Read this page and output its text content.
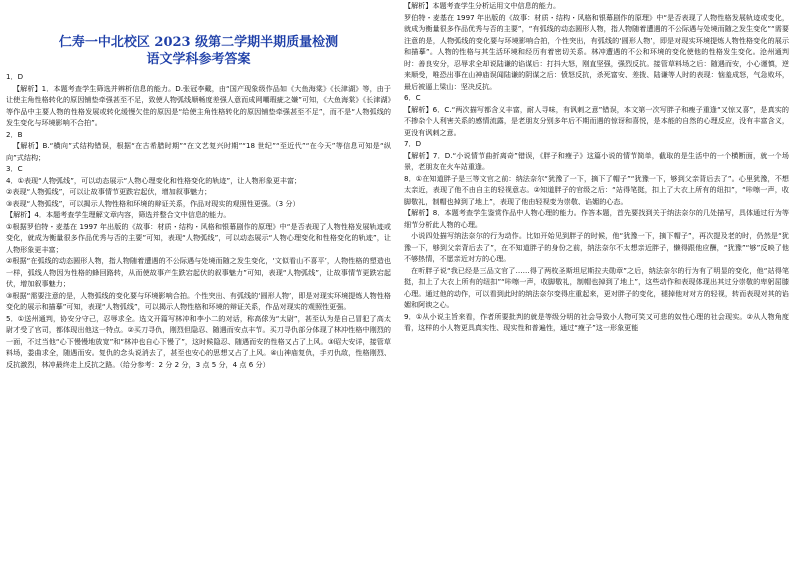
仁寿一中北校区 2023 级第二学期半期质量检测
语文学科参考答案

1．D

【解析】1．本题考查学生筛选并辨析信息的能力。D.张冠李戴，由“国产现象级作品如《大鱼海棠》《长津湖》等，由于让使主角性格转化的原因铺垫牵强甚至不足，致使人物弧线顺畅度差强人意而成网嘲瑕疵之嫌”可知，《大鱼海棠》《长津湖》等作品中主要人物的性格发展或转化缓慢欠佳的原因是“给使主角性格转化的原因铺垫牵强甚至不足”，而不是“人物弧线的发生变化与环境影响不合拍”。

2．B

【解析】B.“横向”式结构错误，根据“在古希腊时期”“在文艺复兴时期”“18 世纪”“至近代”“在今天”等信息可知是“纵向”式结构；

3．C

4．①表现“人物弧线”，可以动态展示“人物心理变化和性格变化的轨迹”，让人物形象更丰富；

②表现“人物弧线”，可以让故事情节更跌宕起伏，增加叙事魅力；

③表现“人物弧线”，可以揭示人物性格和环境的辩证关系，作品对现实的观照性更强。（3 分）

【解析】4．本题考查学生理解文章内容，筛选并整合文中信息的能力。

①根据罗伯特・麦基在 1997 年出版的《故事：材质・结构・风格和银幕剧作的原理》中“是否表现了人物性格发展轨迹或变化，就成为衡量很多作品优秀与否的主要”可知，表现“人物弧线”，可以动态展示“人物心理变化和性格变化的轨迹”，让人物形象更丰富；

②根据“在弧线的动态圆形人物，指人物随着遭遇的不公际遇与处境而随之发生变化，‘文似看山不喜平’，人物性格的塑造也一样，弧线人物因为性格的蜂回路转，从而使故事产生跌宕起伏的叙事魅力”可知，表现“人物弧线”，让故事情节更跌宕起伏，增加叙事魅力；

③根据“需要注意的是，人物弧线的变化要与环境影响合拍。个性突出、有弧线的‘圆形人物’，即是对现实环境提炼人物性格变化的展示和描摹”可知，表现“人物弧线”，可以揭示人物性格和环境的辩证关系，作品对现实的观照性更强。

5．①送州通判，协安分守己，忍辱求全。选文开篇写林冲和李小二的对话，称高俅为“太尉”，甚至认为是自己冒犯了高太尉才受了官司，都体现出他这一特点。②买刀寻仇，刚烈但隐忍、随遇而安点丰节。买刀寻仇部分体现了林冲性格中刚烈的一面，不过当他“心下慢慢地放宽”和“林冲也自心下慢了”，这时候隐忍、随遇而安的性格又占了上风。③昭大安详，接管草料场，娄曲求全，随遇而安。复仇的念头说消去了，甚至也安心的思想又占了上风。④山神庙复仇，手刃仇敌，性格刚烈、反抗激烈，林冲最终走上反抗之路。（给分参考：2 分 2 分，3 点 5 分，4 点 6 分）

【解析】本题考查学生分析运用文中信息的能力。

罗伯特・麦基在 1997 年出版的《故事：材质・结构・风格和银幕剧作的原理》中“是否表现了人物性格发展轨迹或变化，就成为衡量很多作品优秀与否的主要”，“有弧线的动态圆形人物，指人物随着遭遇的不公际遇与处境而随之发生变化”“需要注意的是，人物弧线的变化要与环境影响合拍，个性突出，有弧线的‘圆形人物’，即是对现实环境提炼人物性格变化的展示和描摹”。人物的性格与其生活环境和经历有着密切关系。林冲遭遇的不公和环境的变化使他的性格发生变化。沧州通判时：善良安分，忍辱求全却说陆谦的谄谋后：打抖大怒，刚直坚强，强烈反抗。接管草料场之后：随遇而安，小心谨慎，逆来顺受，唯恐出事在山神庙误闻陆谦的阴谋之后：愤怒反抗，杀死富安、差拨、陆谦等人时的表现：恼羞成怒，气急败坏，最后被逼上梁山：坚决反抗。

6．C

【解析】6．C.“两次描写都含义丰富，耐人寻味，有讽刺之意”错误，本文第一次写胖子和瘦子重逢“又惊又喜”，是真实的不掺杂个人利害关系的感情流露，是老朋友分别多年后不期而遇的惊讶和喜悦，是本能的自然的心理反应，没有丰富含义，更没有讽刺之意。

7．D

【解析】7．D.“小说情节曲折离奇”错误，《胖子和瘦子》这篇小说的情节简单，截取的是生活中的一个横断面，就一个场景，老朋友在火车站重逢。

8．①在知道胖子是三等文官之前：纳法奈尔“犹豫了一下，摘下了帽子”“犹豫一下，够到父亲背后去了”。心里犹豫，不想太亲近，表现了他不由自主的轻视意志。②知道胖子的官级之后：“站得笔挺，扣上了大衣上所有的纽扣”，“咔嚓一声，收脚敬礼，制帽也掉到了地上”，表现了他由轻视变为崇敬、谄媚的心态。

【解析】8．本题考查学生鉴赏作品中人物心理的能力。作答本题，首先要找到关于纳法奈尔的几处描写，具体通过行为等细节分析此人物的心理。

小说四处描写纳法奈尔的行为动作。比如开始见到胖子的时候，他“犹豫一下，摘下帽子”，再次提及老的时，仍然是“犹豫一下，够到父亲背后去了”，在不知道胖子的身份之前，纳法奈尔不太想亲近胖子，懒得跟他应酬，“犹豫”“够”反映了他不够热情，不愿亲近对方的心理。

在听胖子说“我已经是三品文官了……得了两枚圣斯坦尼斯拉夫勋章”之后，纳法奈尔的行为有了明显的变化，他“站得笔挺，扣上了大衣上所有的纽扣”“咔嚓一声，收脚敬礼，制帽也掉到了地上”，这些动作和表现体现出其过分崇敬的卑躬屈膝心理。通过他的动作，可以看到此时的纳法奈尔变得庄重起来，更对胖子的变化，褪掉他对对方的轻视，转而表现对其的谄媚和阿谀之心。

9．①从小说主旨来看，作者所要批判的就是等级分明的社会导致小人物可笑又可悲的奴性心理的社会现实。②从人物角度看，这样的小人物更具真实性、现实性和普遍性，通过“瘦子”这一形象更能
